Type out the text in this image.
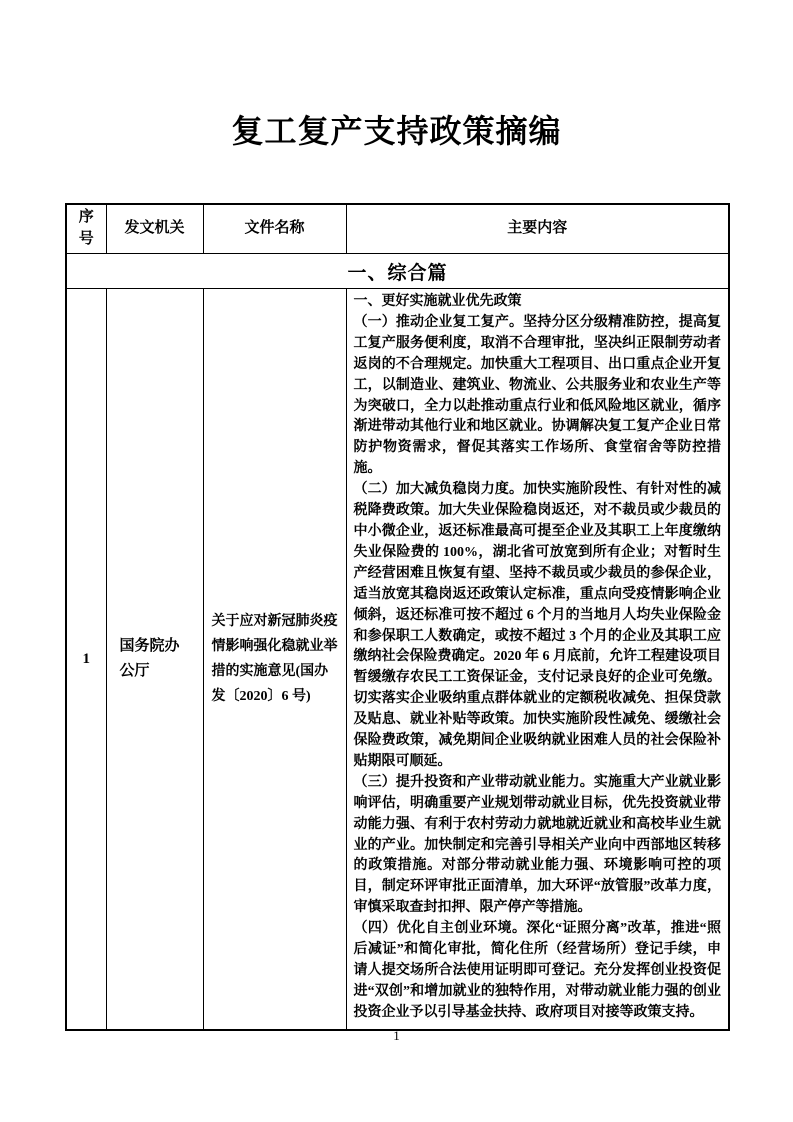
复工复产支持政策摘编
序号	发文机关	文件名称	主要内容
一、综合篇			
1	国务院办公厅	关于应对新冠肺炎疫情影响强化稳就业举措的实施意见(国办发〔2020〕6 号)	一、更好实施就业优先政策

（一）推动企业复工复产。坚持分区分级精准防控，提高复工复产服务便利度，取消不合理审批，坚决纠正限制劳动者返岗的不合理规定。加快重大工程项目、出口重点企业开复工，以制造业、建筑业、物流业、公共服务业和农业生产等为突破口，全力以赴推动重点行业和低风险地区就业，循序渐进带动其他行业和地区就业。协调解决复工复产企业日常防护物资需求，督促其落实工作场所、食堂宿舍等防控措施。

（二）加大减负稳岗力度。加快实施阶段性、有针对性的减税降费政策。加大失业保险稳岗返还，对不裁员或少裁员的中小微企业，返还标准最高可提至企业及其职工上年度缴纳失业保险费的 100%，湖北省可放宽到所有企业；对暂时生产经营困难且恢复有望、坚持不裁员或少裁员的参保企业，适当放宽其稳岗返还政策认定标准，重点向受疫情影响企业倾斜，返还标准可按不超过 6 个月的当地月人均失业保险金和参保职工人数确定，或按不超过 3 个月的企业及其职工应缴纳社会保险费确定。2020 年 6 月底前，允许工程建设项目暂缓缴存农民工工资保证金，支付记录良好的企业可免缴。切实落实企业吸纳重点群体就业的定额税收减免、担保贷款及贴息、就业补贴等政策。加快实施阶段性减免、缓缴社会保险费政策，减免期间企业吸纳就业困难人员的社会保险补贴期限可顺延。

（三）提升投资和产业带动就业能力。实施重大产业就业影响评估，明确重要产业规划带动就业目标，优先投资就业带动能力强、有利于农村劳动力就地就近就业和高校毕业生就业的产业。加快制定和完善引导相关产业向中西部地区转移的政策措施。对部分带动就业能力强、环境影响可控的项目，制定环评审批正面清单，加大环评“放管服”改革力度，审慎采取查封扣押、限产停产等措施。

（四）优化自主创业环境。深化“证照分离”改革，推进“照后减证”和简化审批，简化住所（经营场所）登记手续，申请人提交场所合法使用证明即可登记。充分发挥创业投资促进“双创”和增加就业的独特作用，对带动就业能力强的创业投资企业予以引导基金扶持、政府项目对接等政策支持。

1
